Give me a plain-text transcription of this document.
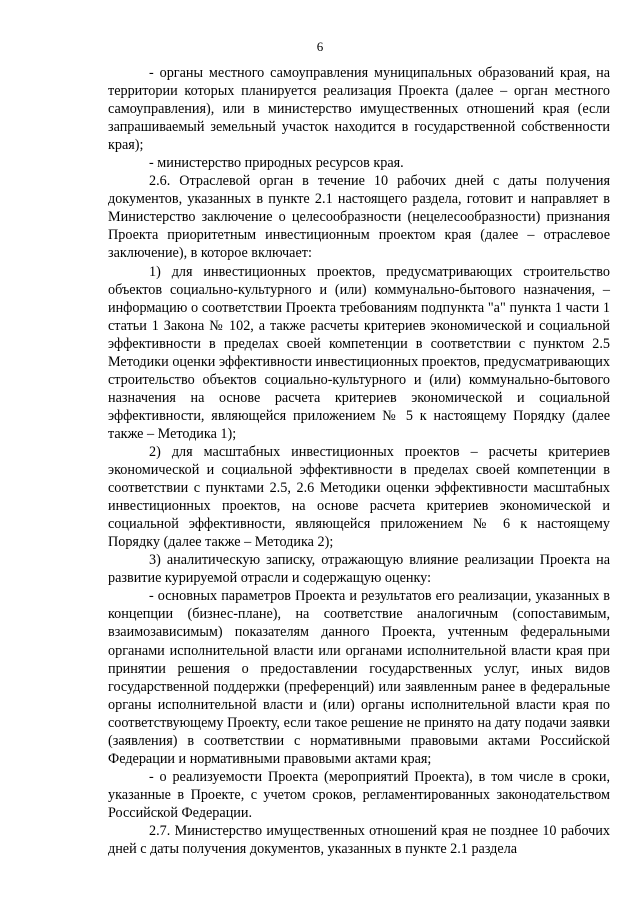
6

- органы местного самоуправления муниципальных образований края, на территории которых планируется реализация Проекта (далее – орган местного самоуправления), или в министерство имущественных отношений края (если запрашиваемый земельный участок находится в государственной собственности края);

- министерство природных ресурсов края.

2.6. Отраслевой орган в течение 10 рабочих дней с даты получения документов, указанных в пункте 2.1 настоящего раздела, готовит и направляет в Министерство заключение о целесообразности (нецелесообразности) признания Проекта приоритетным инвестиционным проектом края (далее – отраслевое заключение), в которое включает:

1) для инвестиционных проектов, предусматривающих строительство объектов социально-культурного и (или) коммунально-бытового назначения, – информацию о соответствии Проекта требованиям подпункта "а" пункта 1 части 1 статьи 1 Закона № 102, а также расчеты критериев экономической и социальной эффективности в пределах своей компетенции в соответствии с пунктом 2.5 Методики оценки эффективности инвестиционных проектов, предусматривающих строительство объектов социально-культурного и (или) коммунально-бытового назначения на основе расчета критериев экономической и социальной эффективности, являющейся приложением № 5 к настоящему Порядку (далее также – Методика 1);

2) для масштабных инвестиционных проектов – расчеты критериев экономической и социальной эффективности в пределах своей компетенции в соответствии с пунктами 2.5, 2.6 Методики оценки эффективности масштабных инвестиционных проектов, на основе расчета критериев экономической и социальной эффективности, являющейся приложением № 6 к настоящему Порядку (далее также – Методика 2);

3) аналитическую записку, отражающую влияние реализации Проекта на развитие курируемой отрасли и содержащую оценку:

- основных параметров Проекта и результатов его реализации, указанных в концепции (бизнес-плане), на соответствие аналогичным (сопоставимым, взаимозависимым) показателям данного Проекта, учтенным федеральными органами исполнительной власти или органами исполнительной власти края при принятии решения о предоставлении государственных услуг, иных видов государственной поддержки (преференций) или заявленным ранее в федеральные органы исполнительной власти и (или) органы исполнительной власти края по соответствующему Проекту, если такое решение не принято на дату подачи заявки (заявления) в соответствии с нормативными правовыми актами Российской Федерации и нормативными правовыми актами края;

- о реализуемости Проекта (мероприятий Проекта), в том числе в сроки, указанные в Проекте, с учетом сроков, регламентированных законодательством Российской Федерации.

2.7. Министерство имущественных отношений края не позднее 10 рабочих дней с даты получения документов, указанных в пункте 2.1 раздела
